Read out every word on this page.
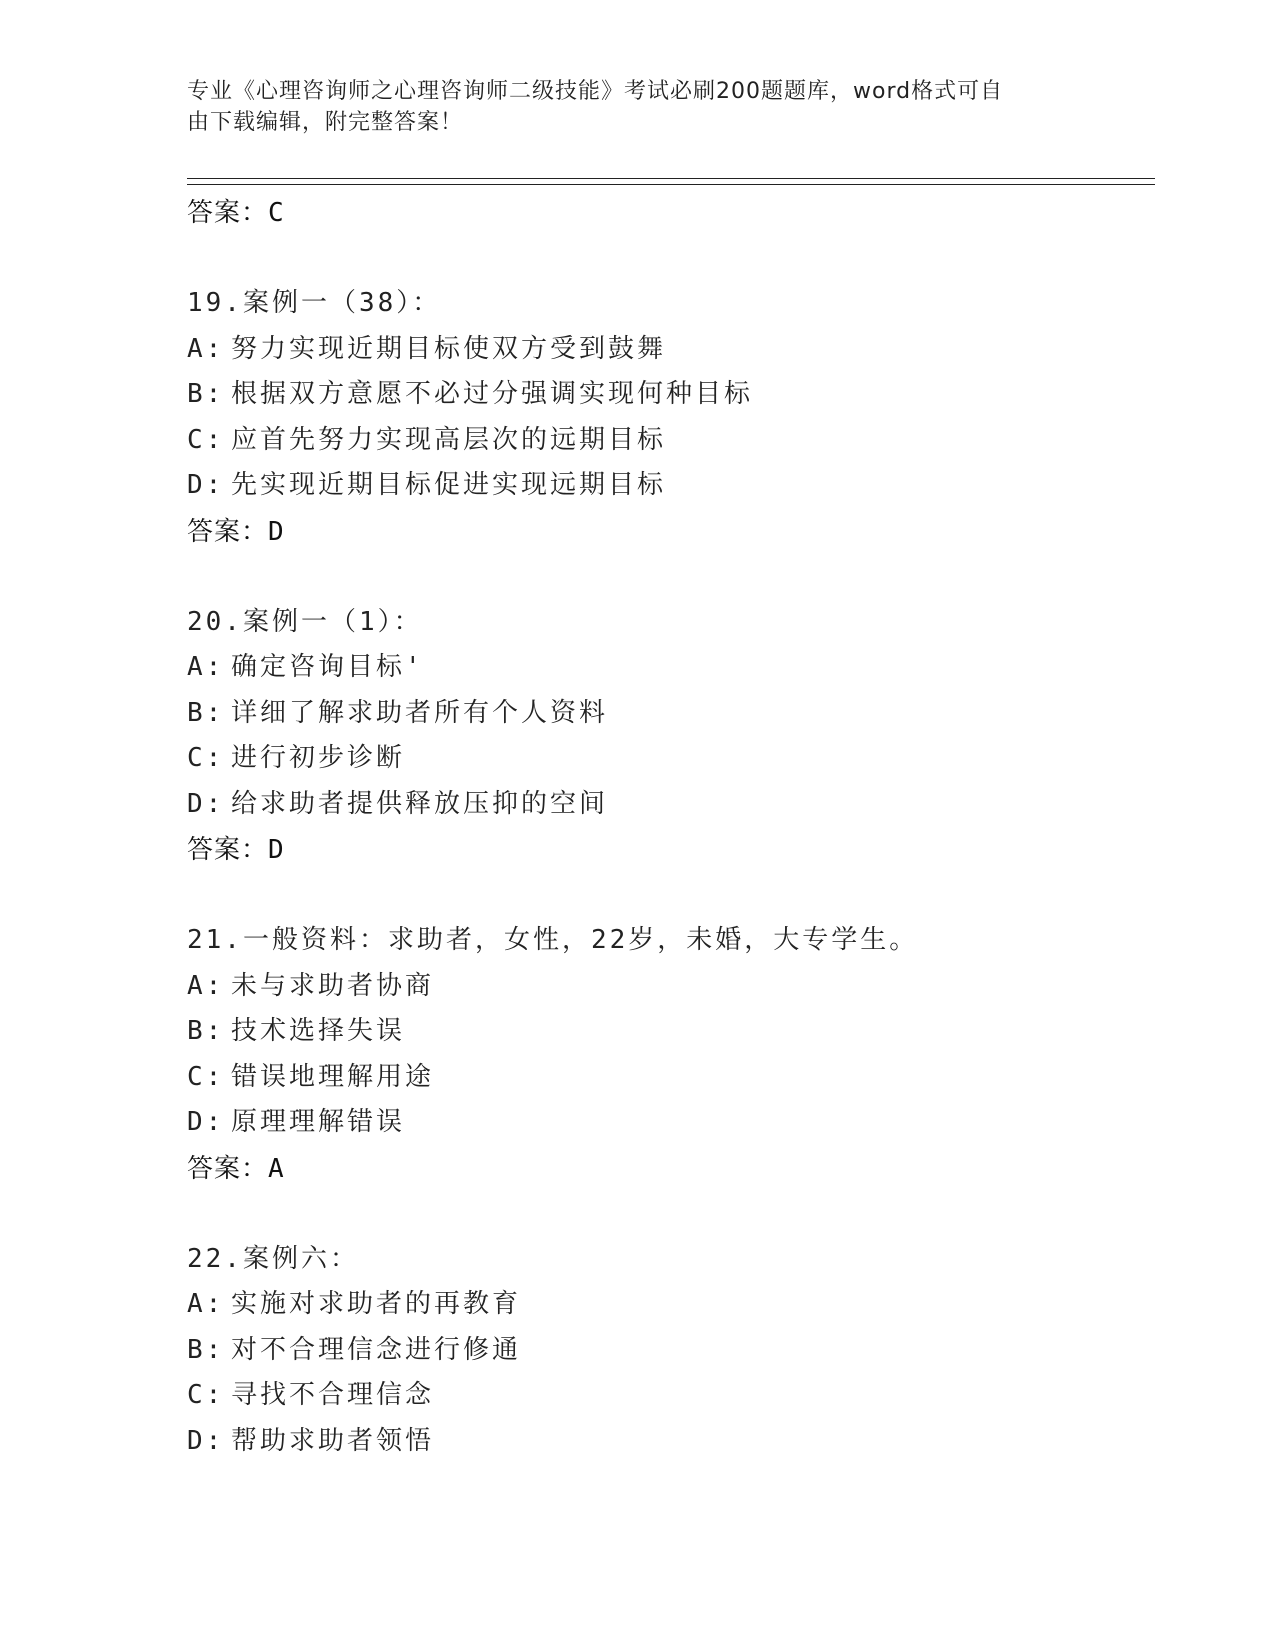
专业《心理咨询师之心理咨询师二级技能》考试必刷200题题库，word格式可自
由下载编辑，附完整答案！
答案：C
19.案例一（38）：
A: 努力实现近期目标使双方受到鼓舞
B: 根据双方意愿不必过分强调实现何种目标
C: 应首先努力实现高层次的远期目标
D: 先实现近期目标促进实现远期目标
答案：D
20.案例一（1）：
A: 确定咨询目标'
B: 详细了解求助者所有个人资料
C: 进行初步诊断
D: 给求助者提供释放压抑的空间
答案：D
21.一般资料：求助者，女性，22岁，未婚，大专学生。
A: 未与求助者协商
B: 技术选择失误
C: 错误地理解用途
D: 原理理解错误
答案：A
22.案例六：
A: 实施对求助者的再教育
B: 对不合理信念进行修通
C: 寻找不合理信念
D: 帮助求助者领悟
